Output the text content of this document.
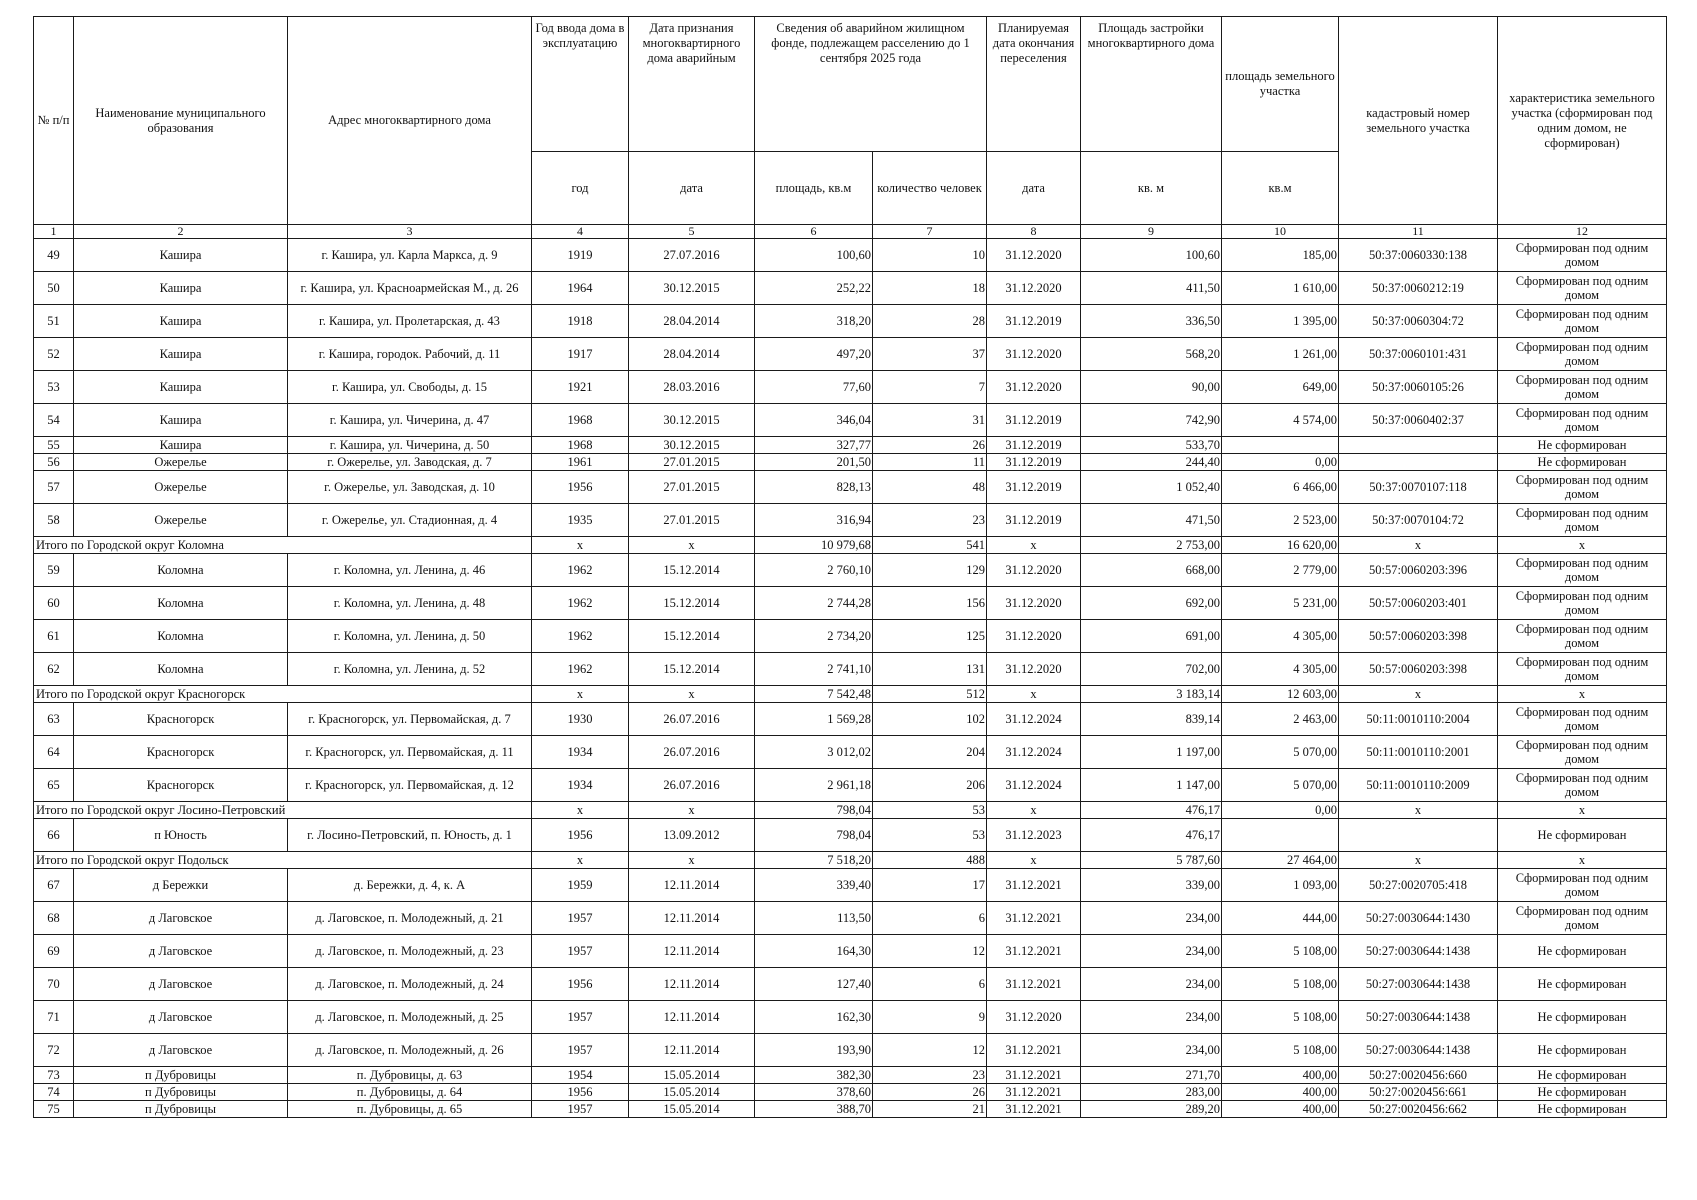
№ п/п	Наименование муниципального образования	Адрес многоквартирного дома	Год ввода дома в эксплуатацию	Дата признания многоквартирного дома аварийным	Сведения об аварийном жилищном фонде, подлежащем расселению до 1 сентября 2025 года		Планируемая дата окончания переселения	Площадь застройки многоквартирного дома	площадь земельного участка	кадастровый номер земельного участка	характеристика земельного участка (сформирован под одним домом, не сформирован)
			год	дата	площадь, кв.м	количество человек	дата	кв. м	кв.м		
1	2	3	4	5	6	7	8	9	10	11	12
49	Кашира	г. Кашира, ул. Карла Маркса, д. 9	1919	27.07.2016	100,60	10	31.12.2020	100,60	185,00	50:37:0060330:138	Сформирован под одним домом
50	Кашира	г. Кашира, ул. Красноармейская М., д. 26	1964	30.12.2015	252,22	18	31.12.2020	411,50	1 610,00	50:37:0060212:19	Сформирован под одним домом
51	Кашира	г. Кашира, ул. Пролетарская, д. 43	1918	28.04.2014	318,20	28	31.12.2019	336,50	1 395,00	50:37:0060304:72	Сформирован под одним домом
52	Кашира	г. Кашира, городок. Рабочий, д. 11	1917	28.04.2014	497,20	37	31.12.2020	568,20	1 261,00	50:37:0060101:431	Сформирован под одним домом
53	Кашира	г. Кашира, ул. Свободы, д. 15	1921	28.03.2016	77,60	7	31.12.2020	90,00	649,00	50:37:0060105:26	Сформирован под одним домом
54	Кашира	г. Кашира, ул. Чичерина, д. 47	1968	30.12.2015	346,04	31	31.12.2019	742,90	4 574,00	50:37:0060402:37	Сформирован под одним домом
55	Кашира	г. Кашира, ул. Чичерина, д. 50	1968	30.12.2015	327,77	26	31.12.2019	533,70			Не сформирован
56	Ожерелье	г. Ожерелье, ул. Заводская, д. 7	1961	27.01.2015	201,50	11	31.12.2019	244,40	0,00		Не сформирован
57	Ожерелье	г. Ожерелье, ул. Заводская, д. 10	1956	27.01.2015	828,13	48	31.12.2019	1 052,40	6 466,00	50:37:0070107:118	Сформирован под одним домом
58	Ожерелье	г. Ожерелье, ул. Стадионная, д. 4	1935	27.01.2015	316,94	23	31.12.2019	471,50	2 523,00	50:37:0070104:72	Сформирован под одним домом
Итого по Городской округ Коломна			x	x	10 979,68	541	x	2 753,00	16 620,00	x	x
59	Коломна	г. Коломна, ул. Ленина, д. 46	1962	15.12.2014	2 760,10	129	31.12.2020	668,00	2 779,00	50:57:0060203:396	Сформирован под одним домом
60	Коломна	г. Коломна, ул. Ленина, д. 48	1962	15.12.2014	2 744,28	156	31.12.2020	692,00	5 231,00	50:57:0060203:401	Сформирован под одним домом
61	Коломна	г. Коломна, ул. Ленина, д. 50	1962	15.12.2014	2 734,20	125	31.12.2020	691,00	4 305,00	50:57:0060203:398	Сформирован под одним домом
62	Коломна	г. Коломна, ул. Ленина, д. 52	1962	15.12.2014	2 741,10	131	31.12.2020	702,00	4 305,00	50:57:0060203:398	Сформирован под одним домом
Итого по Городской округ Красногорск			x	x	7 542,48	512	x	3 183,14	12 603,00	x	x
63	Красногорск	г. Красногорск, ул. Первомайская, д. 7	1930	26.07.2016	1 569,28	102	31.12.2024	839,14	2 463,00	50:11:0010110:2004	Сформирован под одним домом
64	Красногорск	г. Красногорск, ул. Первомайская, д. 11	1934	26.07.2016	3 012,02	204	31.12.2024	1 197,00	5 070,00	50:11:0010110:2001	Сформирован под одним домом
65	Красногорск	г. Красногорск, ул. Первомайская, д. 12	1934	26.07.2016	2 961,18	206	31.12.2024	1 147,00	5 070,00	50:11:0010110:2009	Сформирован под одним домом
Итого по Городской округ Лосино-Петровский			x	x	798,04	53	x	476,17	0,00	x	x
66	п Юность	г. Лосино-Петровский, п. Юность, д. 1	1956	13.09.2012	798,04	53	31.12.2023	476,17			Не сформирован
Итого по Городской округ Подольск			x	x	7 518,20	488	x	5 787,60	27 464,00	x	x
67	д Бережки	д. Бережки, д. 4, к. А	1959	12.11.2014	339,40	17	31.12.2021	339,00	1 093,00	50:27:0020705:418	Сформирован под одним домом
68	д Лаговское	д. Лаговское, п. Молодежный, д. 21	1957	12.11.2014	113,50	6	31.12.2021	234,00	444,00	50:27:0030644:1430	Сформирован под одним домом
69	д Лаговское	д. Лаговское, п. Молодежный, д. 23	1957	12.11.2014	164,30	12	31.12.2021	234,00	5 108,00	50:27:0030644:1438	Не сформирован
70	д Лаговское	д. Лаговское, п. Молодежный, д. 24	1956	12.11.2014	127,40	6	31.12.2021	234,00	5 108,00	50:27:0030644:1438	Не сформирован
71	д Лаговское	д. Лаговское, п. Молодежный, д. 25	1957	12.11.2014	162,30	9	31.12.2020	234,00	5 108,00	50:27:0030644:1438	Не сформирован
72	д Лаговское	д. Лаговское, п. Молодежный, д. 26	1957	12.11.2014	193,90	12	31.12.2021	234,00	5 108,00	50:27:0030644:1438	Не сформирован
73	п Дубровицы	п. Дубровицы, д. 63	1954	15.05.2014	382,30	23	31.12.2021	271,70	400,00	50:27:0020456:660	Не сформирован
74	п Дубровицы	п. Дубровицы, д. 64	1956	15.05.2014	378,60	26	31.12.2021	283,00	400,00	50:27:0020456:661	Не сформирован
75	п Дубровицы	п. Дубровицы, д. 65	1957	15.05.2014	388,70	21	31.12.2021	289,20	400,00	50:27:0020456:662	Не сформирован
